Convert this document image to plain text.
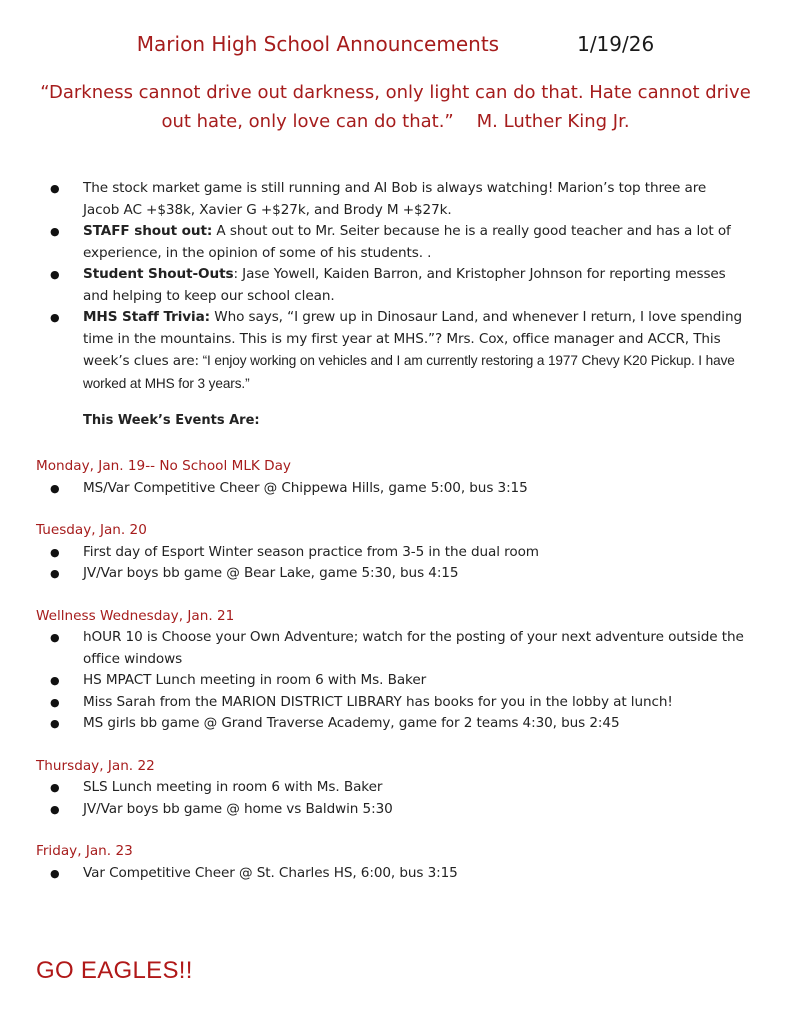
Marion High School Announcements	1/19/26
“Darkness cannot drive out darkness, only light can do that. Hate cannot drive out hate, only love can do that.” M. Luther King Jr.
● The stock market game is still running and AI Bob is always watching! Marion’s top three are Jacob AC +$38k, Xavier G +$27k, and Brody M +$27k.
● STAFF shout out: A shout out to Mr. Seiter because he is a really good teacher and has a lot of experience, in the opinion of some of his students. .
● Student Shout-Outs: Jase Yowell, Kaiden Barron, and Kristopher Johnson for reporting messes and helping to keep our school clean.
● MHS Staff Trivia: Who says, “I grew up in Dinosaur Land, and whenever I return, I love spending time in the mountains. This is my first year at MHS.”? Mrs. Cox, office manager and ACCR, This week’s clues are: “I enjoy working on vehicles and I am currently restoring a 1977 Chevy K20 Pickup. I have worked at MHS for 3 years.”
This Week’s Events Are:
Monday, Jan. 19-- No School MLK Day
● MS/Var Competitive Cheer @ Chippewa Hills, game 5:00, bus 3:15
Tuesday, Jan. 20
● First day of Esport Winter season practice from 3-5 in the dual room
● JV/Var boys bb game @ Bear Lake, game 5:30, bus 4:15
Wellness Wednesday, Jan. 21
● hOUR 10 is Choose your Own Adventure; watch for the posting of your next adventure outside the office windows
● HS MPACT Lunch meeting in room 6 with Ms. Baker
● Miss Sarah from the MARION DISTRICT LIBRARY has books for you in the lobby at lunch!
● MS girls bb game @ Grand Traverse Academy, game for 2 teams 4:30, bus 2:45
Thursday, Jan. 22
● SLS Lunch meeting in room 6 with Ms. Baker
● JV/Var boys bb game @ home vs Baldwin 5:30
Friday, Jan. 23
● Var Competitive Cheer @ St. Charles HS, 6:00, bus 3:15
GO EAGLES!!
